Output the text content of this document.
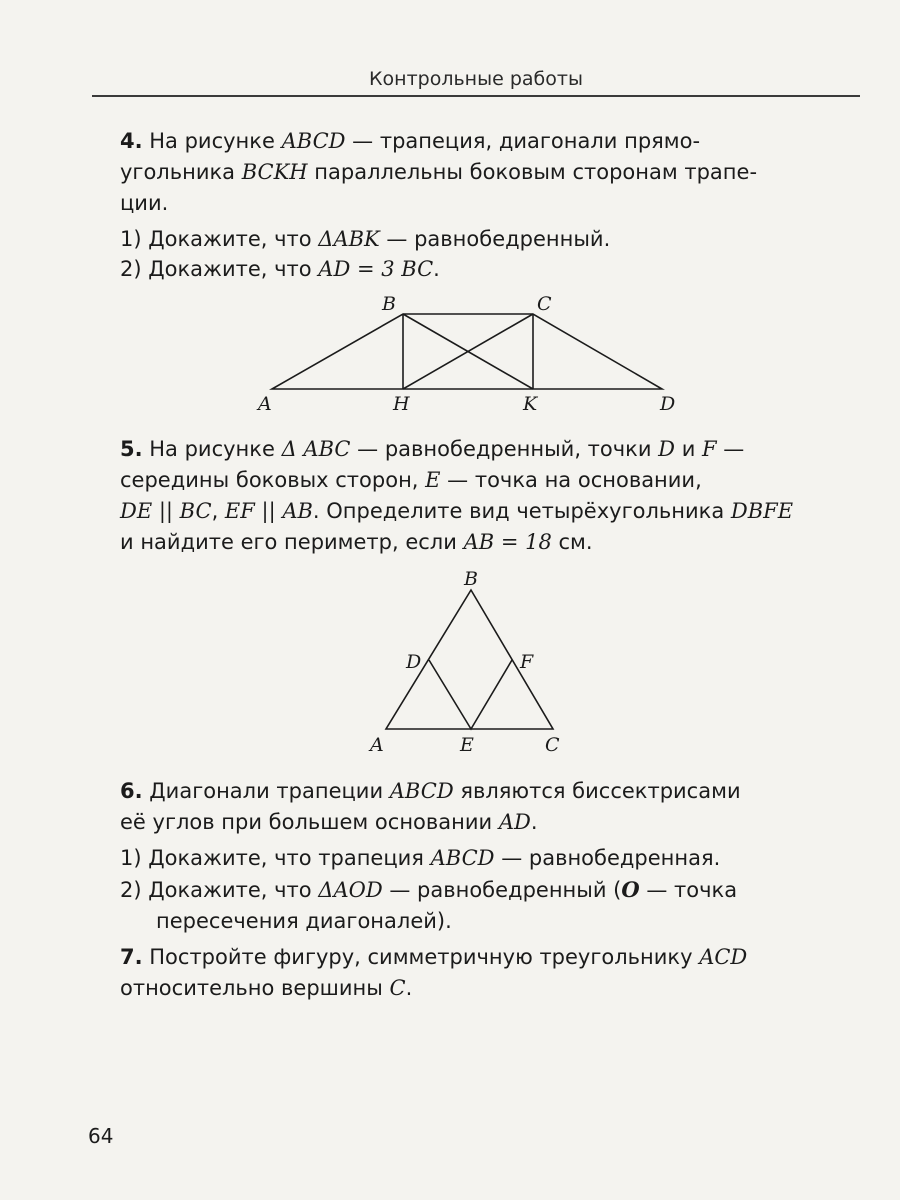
Контрольные работы
4. На рисунке ABCD — трапеция, диагонали прямо-
угольника BCKH параллельны боковым сторонам трапе-
ции.
1) Докажите, что ΔABK — равнобедренный.
2) Докажите, что AD = 3 BC.
B	C
A	H	K	D
5. На рисунке Δ ABC — равнобедренный, точки D и F —
середины боковых сторон, E — точка на основании,
DE || BC, EF || AB. Определите вид четырёхугольника DBFE
и найдите его периметр, если AB = 18 см.
B
D	F
A	E	C
6. Диагонали трапеции ABCD являются биссектрисами
её углов при большем основании AD.
1) Докажите, что трапеция ABCD — равнобедренная.
2) Докажите, что ΔAOD — равнобедренный (O — точка
пересечения диагоналей).
7. Постройте фигуру, симметричную треугольнику ACD
относительно вершины C.
64
